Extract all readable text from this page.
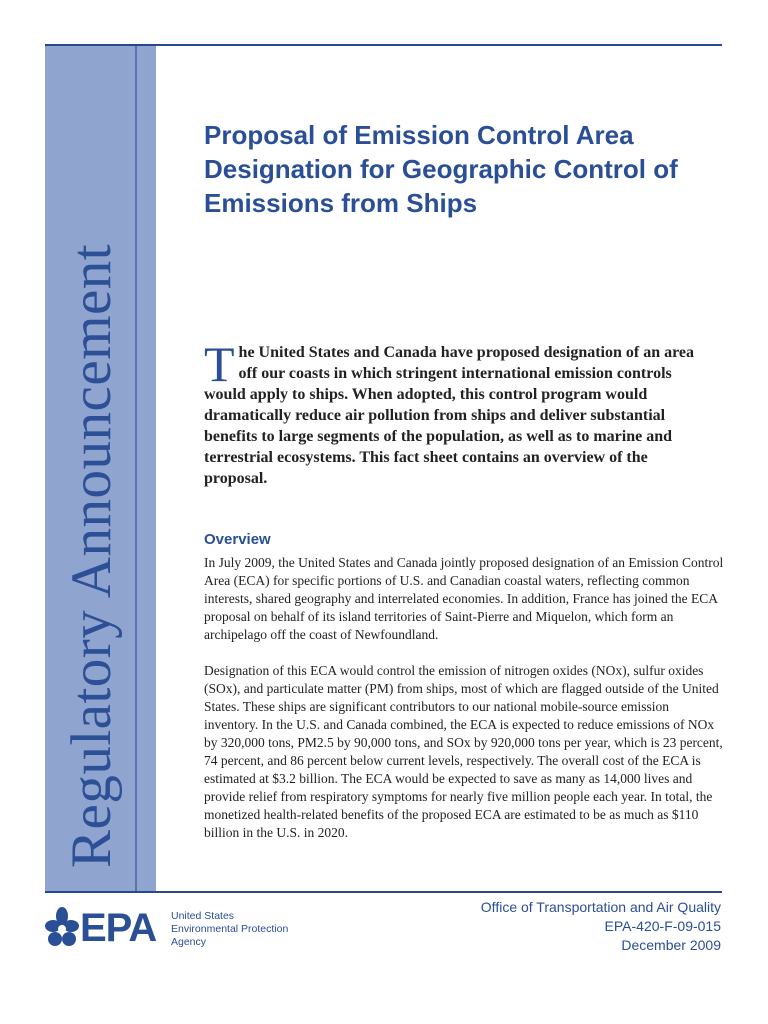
Regulatory Announcement
Proposal of Emission Control Area Designation for Geographic Control of Emissions from Ships

The United States and Canada have proposed designation of an area off our coasts in which stringent international emission controls would apply to ships. When adopted, this control program would dramatically reduce air pollution from ships and deliver substantial benefits to large segments of the population, as well as to marine and terrestrial ecosystems. This fact sheet contains an overview of the proposal.

Overview

In July 2009, the United States and Canada jointly proposed designation of an Emission Control Area (ECA) for specific portions of U.S. and Canadian coastal waters, reflecting common interests, shared geography and interrelated economies. In addition, France has joined the ECA proposal on behalf of its island territories of Saint-Pierre and Miquelon, which form an archipelago off the coast of Newfoundland.

Designation of this ECA would control the emission of nitrogen oxides (NOx), sulfur oxides (SOx), and particulate matter (PM) from ships, most of which are flagged outside of the United States. These ships are significant contributors to our national mobile-source emission inventory. In the U.S. and Canada combined, the ECA is expected to reduce emissions of NOx by 320,000 tons, PM2.5 by 90,000 tons, and SOx by 920,000 tons per year, which is 23 percent, 74 percent, and 86 percent below current levels, respectively. The overall cost of the ECA is estimated at $3.2 billion. The ECA would be expected to save as many as 14,000 lives and provide relief from respiratory symptoms for nearly five million people each year. In total, the monetized health-related benefits of the proposed ECA are estimated to be as much as $110 billion in the U.S. in 2020.

EPA United States
Environmental Protection
Agency
Office of Transportation and Air Quality
EPA-420-F-09-015
December 2009
